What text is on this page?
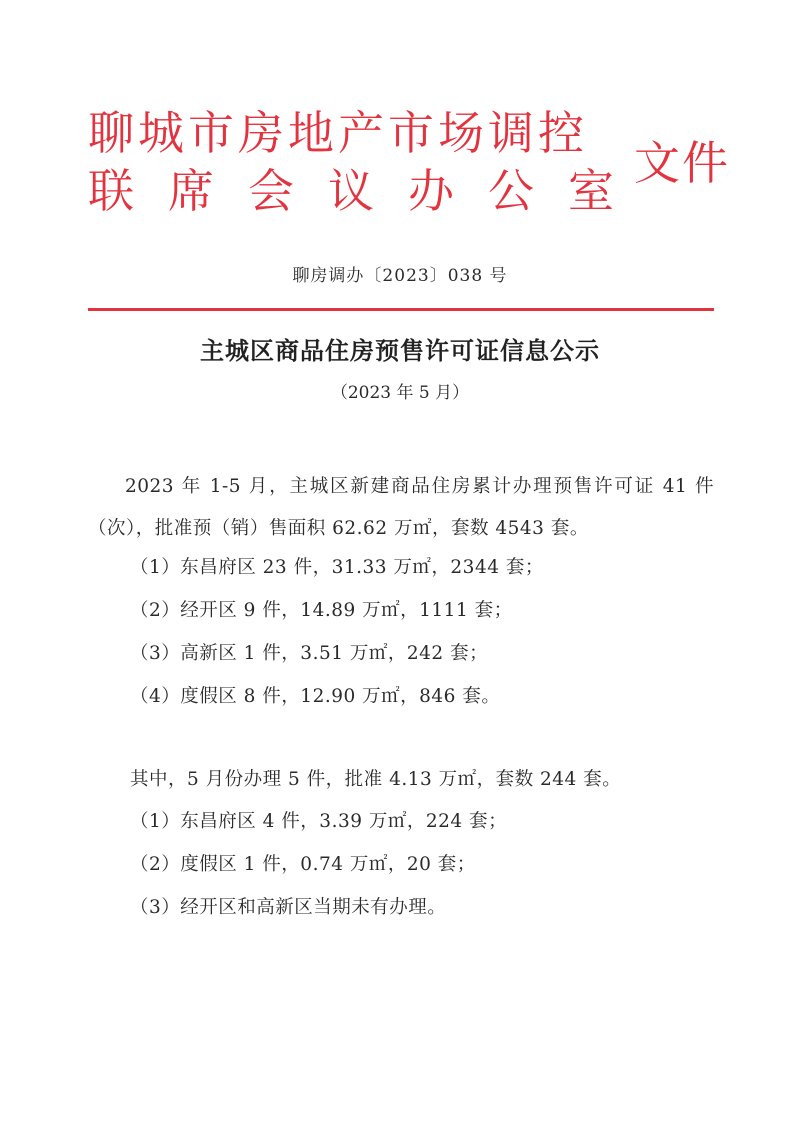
聊城市房地产市场调控
联席会议办公室
文件
聊房调办〔2023〕038 号
主城区商品住房预售许可证信息公示
（2023 年 5 月）
2023 年 1-5 月，主城区新建商品住房累计办理预售许可证 41 件（次），批准预（销）售面积 62.62 万㎡，套数 4543 套。
（1）东昌府区 23 件，31.33 万㎡，2344 套；
（2）经开区 9 件，14.89 万㎡，1111 套；
（3）高新区 1 件，3.51 万㎡，242 套；
（4）度假区 8 件，12.90 万㎡，846 套。
其中，5 月份办理 5 件，批准 4.13 万㎡，套数 244 套。
（1）东昌府区 4 件，3.39 万㎡，224 套；
（2）度假区 1 件，0.74 万㎡，20 套；
（3）经开区和高新区当期未有办理。
